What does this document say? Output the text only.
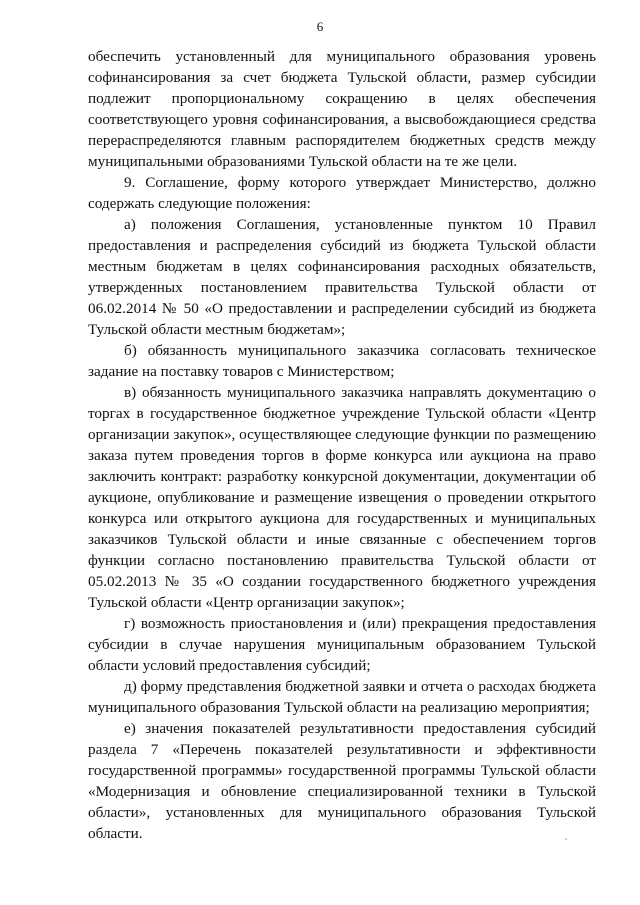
6

обеспечить установленный для муниципального образования уровень софинансирования за счет бюджета Тульской области, размер субсидии подлежит пропорциональному сокращению в целях обеспечения соответствующего уровня софинансирования, а высвобождающиеся средства перераспределяются главным распорядителем бюджетных средств между муниципальными образованиями Тульской области на те же цели.

9. Соглашение, форму которого утверждает Министерство, должно содержать следующие положения:

а) положения Соглашения, установленные пунктом 10 Правил предоставления и распределения субсидий из бюджета Тульской области местным бюджетам в целях софинансирования расходных обязательств, утвержденных постановлением правительства Тульской области от 06.02.2014 № 50 «О предоставлении и распределении субсидий из бюджета Тульской области местным бюджетам»;

б) обязанность муниципального заказчика согласовать техническое задание на поставку товаров с Министерством;

в) обязанность муниципального заказчика направлять документацию о торгах в государственное бюджетное учреждение Тульской области «Центр организации закупок», осуществляющее следующие функции по размещению заказа путем проведения торгов в форме конкурса или аукциона на право заключить контракт: разработку конкурсной документации, документации об аукционе, опубликование и размещение извещения о проведении открытого конкурса или открытого аукциона для государственных и муниципальных заказчиков Тульской области и иные связанные с обеспечением торгов функции согласно постановлению правительства Тульской области от 05.02.2013 № 35 «О создании государственного бюджетного учреждения Тульской области «Центр организации закупок»;

г) возможность приостановления и (или) прекращения предоставления субсидии в случае нарушения муниципальным образованием Тульской области условий предоставления субсидий;

д) форму представления бюджетной заявки и отчета о расходах бюджета муниципального образования Тульской области на реализацию мероприятия;

е) значения показателей результативности предоставления субсидий раздела 7 «Перечень показателей результативности и эффективности государственной программы» государственной программы Тульской области «Модернизация и обновление специализированной техники в Тульской области», установленных для муниципального образования Тульской области.
